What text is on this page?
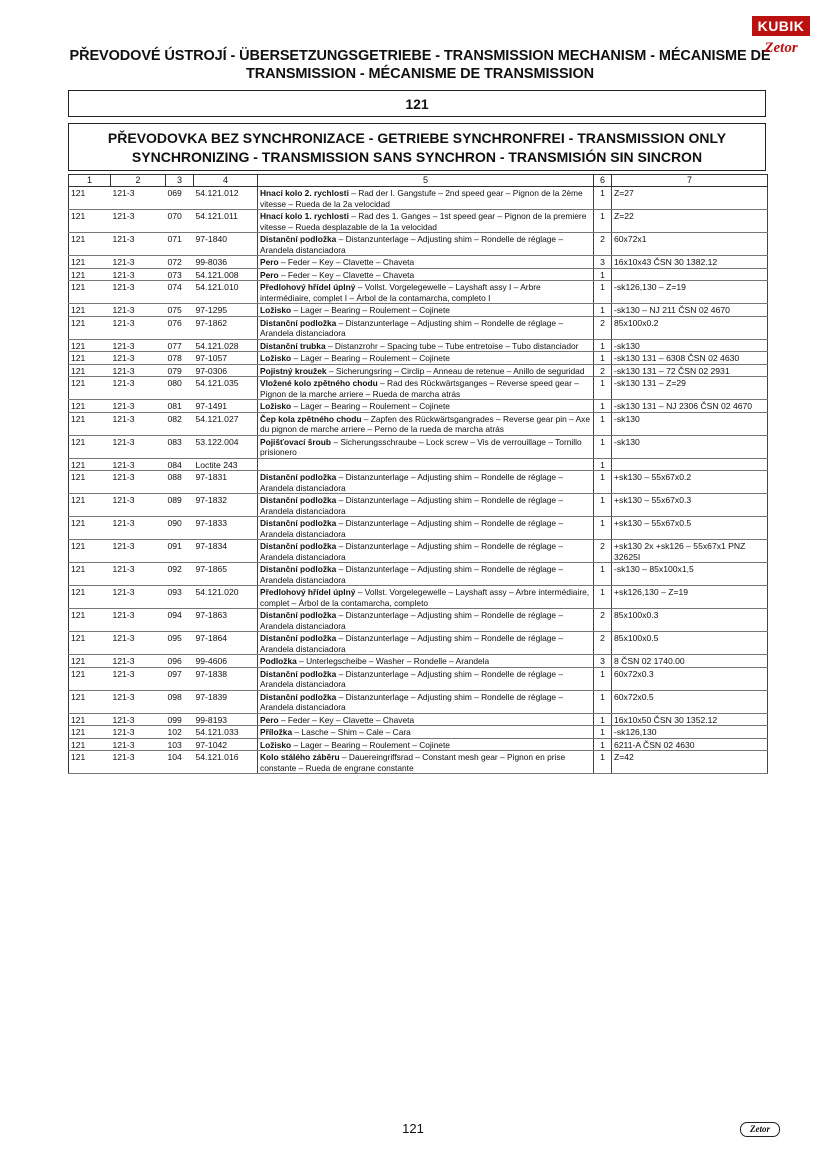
PŘEVODOVÉ ÚSTROJÍ - ÜBERSETZUNGSGETRIEBE - TRANSMISSION MECHANISM - MÉCANISME DE
TRANSMISSION - MÉCANISME DE TRANSMISSION
KUBIK
Zetor
121
PŘEVODOVKA BEZ SYNCHRONIZACE - GETRIEBE SYNCHRONFREI - TRANSMISSION ONLY
SYNCHRONIZING - TRANSMISSION SANS SYNCHRON - TRANSMISIÓN SIN SINCRON
1	2	3	4	5	6	7
121	121-3	069	54.121.012	Hnací kolo 2. rychlosti – Rad der I. Gangstufe – 2nd speed gear – Pignon de la 2ème vitesse – Rueda de la 2a velocidad	1	Z=27
121	121-3	070	54.121.011	Hnací kolo 1. rychlosti – Rad des 1. Ganges – 1st speed gear – Pignon de la premiere vitesse – Rueda desplazable de la 1a velocidad	1	Z=22
121	121-3	071	97-1840	Distanční podložka – Distanzunterlage – Adjusting shim – Rondelle de réglage – Arandela distanciadora	2	60x72x1
121	121-3	072	99-8036	Pero – Feder – Key – Clavette – Chaveta	3	16x10x43 ČSN 30 1382.12
121	121-3	073	54.121.008	Pero – Feder – Key – Clavette – Chaveta	1	
121	121-3	074	54.121.010	Předlohový hřídel úplný – Vollst. Vorgelegewelle – Layshaft assy I – Arbre intermédiaire, complet I – Árbol de la contamarcha, completo I	1	-sk126,130 – Z=19
121	121-3	075	97-1295	Ložisko – Lager – Bearing – Roulement – Cojinete	1	-sk130 – NJ 211 ČSN 02 4670
121	121-3	076	97-1862	Distanční podložka – Distanzunterlage – Adjusting shim – Rondelle de réglage – Arandela distanciadora	2	85x100x0.2
121	121-3	077	54.121.028	Distanční trubka – Distanzrohr – Spacing tube – Tube entretoise – Tubo distanciador	1	-sk130
121	121-3	078	97-1057	Ložisko – Lager – Bearing – Roulement – Cojinete	1	-sk130 131 – 6308 ČSN 02 4630
121	121-3	079	97-0306	Pojistný kroužek – Sicherungsring – Circlip – Anneau de retenue – Anillo de seguridad	2	-sk130 131 – 72 ČSN 02 2931
121	121-3	080	54.121.035	Vložené kolo zpětného chodu – Rad des Rückwärtsganges – Reverse speed gear – Pignon de la marche arriere – Rueda de marcha atrás	1	-sk130 131 – Z=29
121	121-3	081	97-1491	Ložisko – Lager – Bearing – Roulement – Cojinete	1	-sk130 131 – NJ 2306 ČSN 02 4670
121	121-3	082	54.121.027	Čep kola zpětného chodu – Zapfen des Rückwärtsgangrades – Reverse gear pin – Axe du pignon de marche arriere – Perno de la rueda de marcha atrás	1	-sk130
121	121-3	083	53.122.004	Pojišťovací šroub – Sicherungsschraube – Lock screw – Vis de verrouillage – Tornillo prisionero	1	-sk130
121	121-3	084	Loctite 243		1	
121	121-3	088	97-1831	Distanční podložka – Distanzunterlage – Adjusting shim – Rondelle de réglage – Arandela distanciadora	1	+sk130 – 55x67x0.2
121	121-3	089	97-1832	Distanční podložka – Distanzunterlage – Adjusting shim – Rondelle de réglage – Arandela distanciadora	1	+sk130 – 55x67x0.3
121	121-3	090	97-1833	Distanční podložka – Distanzunterlage – Adjusting shim – Rondelle de réglage – Arandela distanciadora	1	+sk130 – 55x67x0.5
121	121-3	091	97-1834	Distanční podložka – Distanzunterlage – Adjusting shim – Rondelle de réglage – Arandela distanciadora	2	+sk130 2x +sk126 – 55x67x1 PNZ 32625I
121	121-3	092	97-1865	Distanční podložka – Distanzunterlage – Adjusting shim – Rondelle de réglage – Arandela distanciadora	1	-sk130 – 85x100x1,5
121	121-3	093	54.121.020	Předlohový hřídel úplný – Vollst. Vorgelegewelle – Layshaft assy – Arbre intermédiaire, complet – Árbol de la contamarcha, completo	1	+sk126,130 – Z=19
121	121-3	094	97-1863	Distanční podložka – Distanzunterlage – Adjusting shim – Rondelle de réglage – Arandela distanciadora	2	85x100x0.3
121	121-3	095	97-1864	Distanční podložka – Distanzunterlage – Adjusting shim – Rondelle de réglage – Arandela distanciadora	2	85x100x0.5
121	121-3	096	99-4606	Podložka – Unterlegscheibe – Washer – Rondelle – Arandela	3	8 ČSN 02 1740.00
121	121-3	097	97-1838	Distanční podložka – Distanzunterlage – Adjusting shim – Rondelle de réglage – Arandela distanciadora	1	60x72x0.3
121	121-3	098	97-1839	Distanční podložka – Distanzunterlage – Adjusting shim – Rondelle de réglage – Arandela distanciadora	1	60x72x0.5
121	121-3	099	99-8193	Pero – Feder – Key – Clavette – Chaveta	1	16x10x50 ČSN 30 1352.12
121	121-3	102	54.121.033	Příložka – Lasche – Shim – Cale – Cara	1	-sk126,130
121	121-3	103	97-1042	Ložisko – Lager – Bearing – Roulement – Cojinete	1	6211-A ČSN 02 4630
121	121-3	104	54.121.016	Kolo stálého záběru – Dauereingriffsrad – Constant mesh gear – Pignon en prise constante – Rueda de engrane constante	1	Z=42
121	Zetor
